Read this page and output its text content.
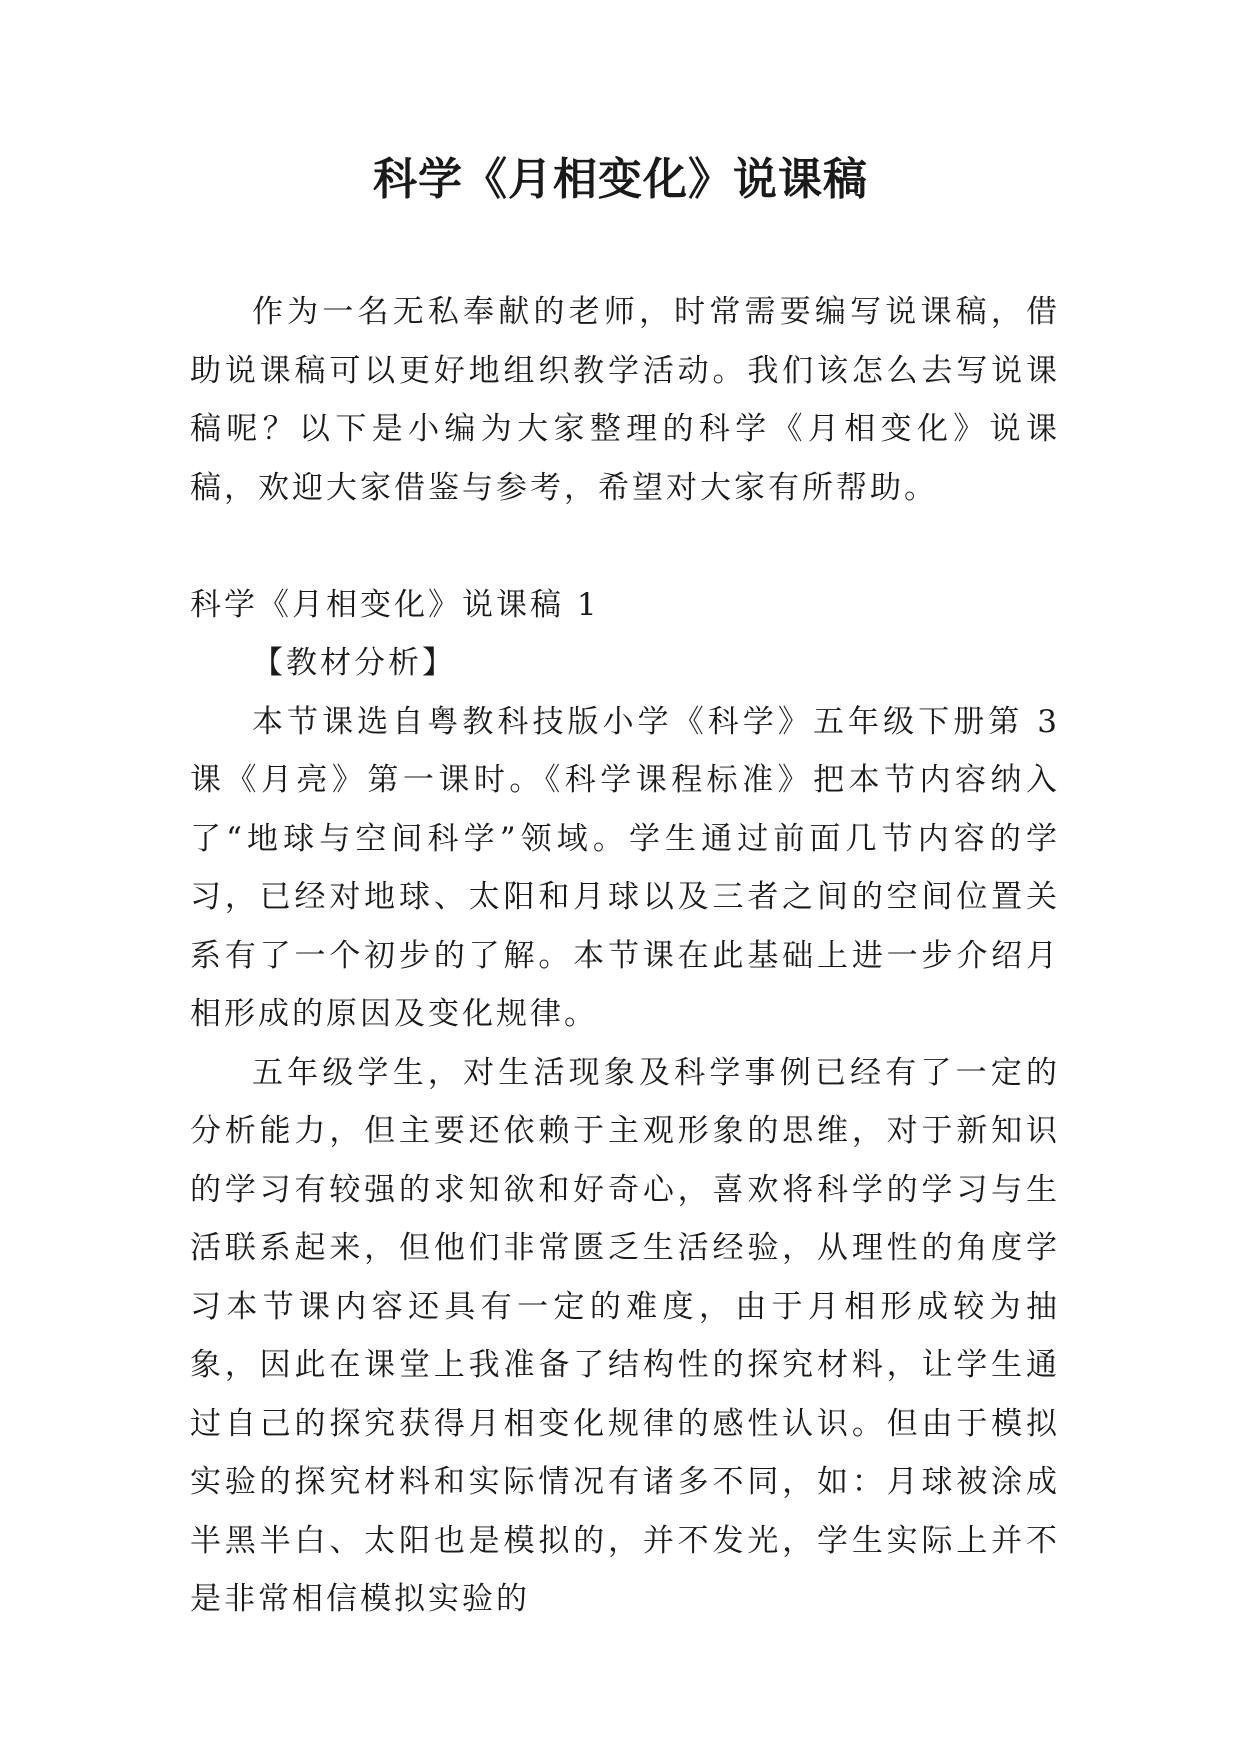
科学《月相变化》说课稿

作为一名无私奉献的老师，时常需要编写说课稿，借助说课稿可以更好地组织教学活动。我们该怎么去写说课稿呢？以下是小编为大家整理的科学《月相变化》说课稿，欢迎大家借鉴与参考，希望对大家有所帮助。

科学《月相变化》说课稿 1

【教材分析】

本节课选自粤教科技版小学《科学》五年级下册第 3 课《月亮》第一课时。《科学课程标准》把本节内容纳入了“地球与空间科学”领域。学生通过前面几节内容的学习，已经对地球、太阳和月球以及三者之间的空间位置关系有了一个初步的了解。本节课在此基础上进一步介绍月相形成的原因及变化规律。

五年级学生，对生活现象及科学事例已经有了一定的分析能力，但主要还依赖于主观形象的思维，对于新知识的学习有较强的求知欲和好奇心，喜欢将科学的学习与生活联系起来，但他们非常匮乏生活经验，从理性的角度学习本节课内容还具有一定的难度，由于月相形成较为抽象，因此在课堂上我准备了结构性的探究材料，让学生通过自己的探究获得月相变化规律的感性认识。但由于模拟实验的探究材料和实际情况有诸多不同，如：月球被涂成半黑半白、太阳也是模拟的，并不发光，学生实际上并不是非常相信模拟实验的
